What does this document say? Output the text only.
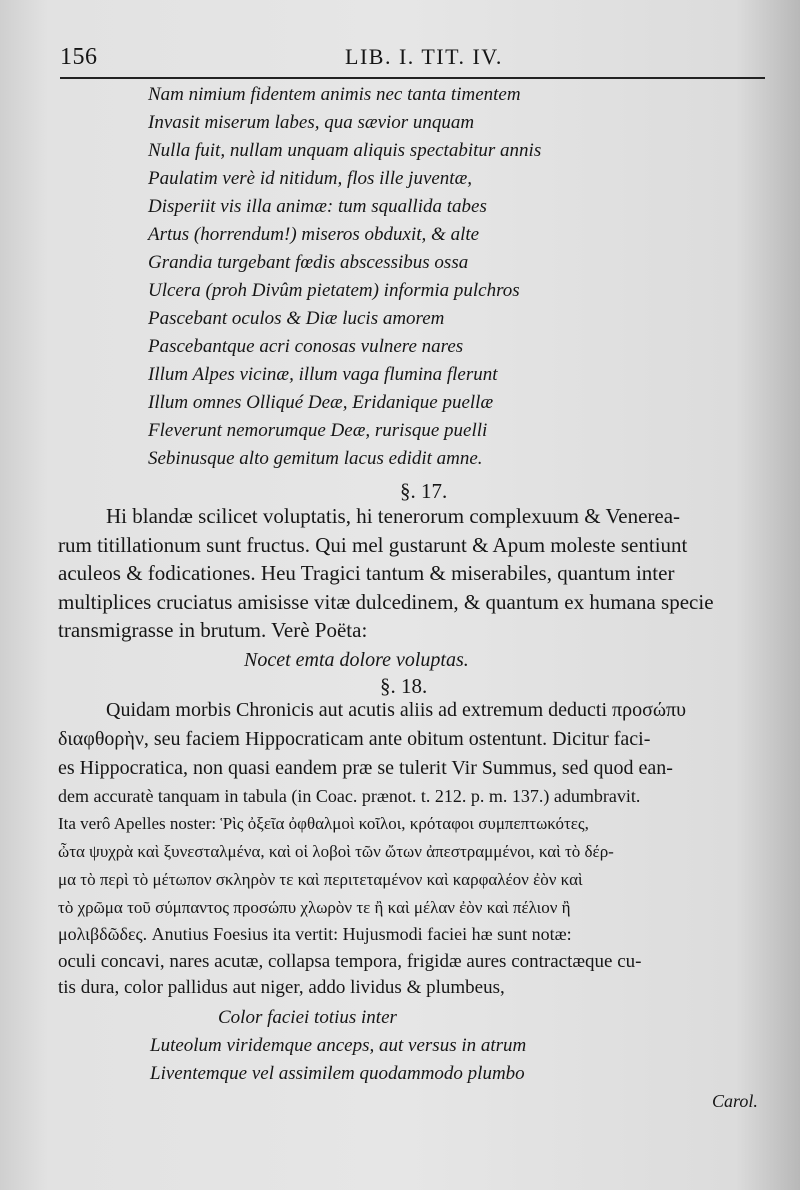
156	LIB. I. TIT. IV.
Nam nimium fidentem animis nec tanta timentem
Invasit miserum labes, qua sævior unquam
Nulla fuit, nullam unquam aliquis spectabitur annis
Paulatim verè id nitidum, flos ille juventæ,
Disperiit vis illa animæ: tum squallida tabes
Artus (horrendum!) miseros obduxit, & alte
Grandia turgebant fœdis abscessibus ossa
Ulcera (proh Divûm pietatem) informia pulchros
Pascebant oculos & Diæ lucis amorem
Pascebantque acri conosas vulnere nares
Illum Alpes vicinæ, illum vaga flumina flerunt
Illum omnes Olliqué Deæ, Eridanique puellæ
Fleverunt nemorumque Deæ, rurisque puelli
Sebinusque alto gemitum lacus edidit amne.
§. 17.
Hi blandæ scilicet voluptatis, hi tenerorum complexuum & Venerea-
rum titillationum sunt fructus. Qui mel gustarunt & Apum moleste sentiunt
aculeos & fodicationes. Heu Tragici tantum & miserabiles, quantum inter
multiplices cruciatus amisisse vitæ dulcedinem, & quantum ex humana specie
transmigrasse in brutum. Verè Poëta:
Nocet emta dolore voluptas.
§. 18.
Quidam morbis Chronicis aut acutis aliis ad extremum deducti προσώπυ
διαφθορὴν, seu faciem Hippocraticam ante obitum ostentunt. Dicitur faci-
es Hippocratica, non quasi eandem præ se tulerit Vir Summus, sed quod ean-
dem accuratè tanquam in tabula (in Coac. prænot. t. 212. p. m. 137.) adumbravit.
Ita verô Apelles noster: Ῥὶς ὀξεῖα ὀφθαλμοὶ κοῖλοι, κρόταφοι συμπεπτωκότες,
ὦτα ψυχρὰ καὶ ξυνεσταλμένα, καὶ οἱ λοβοὶ τῶν ὤτων ἀπεστραμμένοι, καὶ τὸ δέρ-
μα τὸ περὶ τὸ μέτωπον σκληρὸν τε καὶ περιτεταμένον καὶ καρφαλέον ἐὸν καὶ
τὸ χρῶμα τοῦ σύμπαντος προσώπυ χλωρὸν τε ἢ καὶ μέλαν ἐὸν καὶ πέλιον ἢ
μολιβδῶδες. Anutius Foesius ita vertit: Hujusmodi faciei hæ sunt notæ:
oculi concavi, nares acutæ, collapsa tempora, frigidæ aures contractæque cu-
tis dura, color pallidus aut niger, addo lividus & plumbeus,
Color faciei totius inter
Luteolum viridemque anceps, aut versus in atrum
Liventemque vel assimilem quodammodo plumbo
Carol.
